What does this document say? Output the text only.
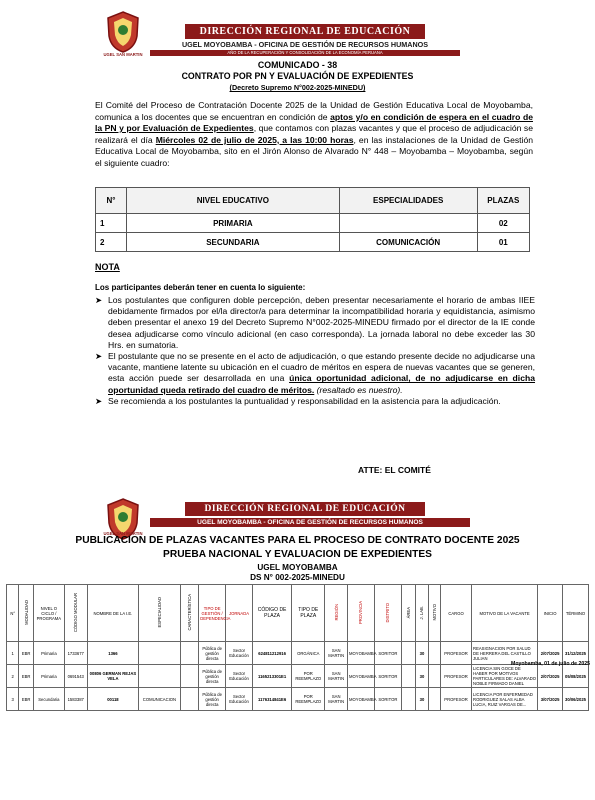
UGEL SAN MARTIN
DIRECCIÓN REGIONAL DE EDUCACIÓN
UGEL MOYOBAMBA - OFICINA DE GESTIÓN DE RECURSOS HUMANOS
AÑO DE LA RECUPERACIÓN Y CONSOLIDACIÓN DE LA ECONOMÍA PERUANA
COMUNICADO - 38
CONTRATO POR PN Y EVALUACIÓN DE EXPEDIENTES
(Decreto Supremo N°002-2025-MINEDU)
El Comité del Proceso de Contratación Docente 2025 de la Unidad de Gestión Educativa Local de Moyobamba, comunica a los docentes que se encuentran en condición de aptos y/o en condición de espera en el cuadro de la PN y por Evaluación de Expedientes, que contamos con plazas vacantes y que el proceso de adjudicación se realizará el día Miércoles 02 de julio de 2025, a las 10:00 horas, en las instalaciones de la Unidad de Gestión Educativa Local de Moyobamba, sito en el Jirón Alonso de Alvarado N° 448 – Moyobamba – Moyobamba, según el siguiente cuadro:
N°	NIVEL EDUCATIVO	ESPECIALIDADES	PLAZAS
1	PRIMARIA		02
2	SECUNDARIA	COMUNICACIÓN	01
NOTA
Los participantes deberán tener en cuenta lo siguiente:
➤ Los postulantes que configuren doble percepción, deben presentar necesariamente el horario de ambas IIEE debidamente firmados por el/la director/a para determinar la incompatibilidad horaria y equidistancia, asimismo deben presentar el anexo 19 del Decreto Supremo N°002-2025-MINEDU firmado por el director de la IE conde desea adjudicarse como vínculo adicional (en caso corresponda). La jornada laboral no debe exceder las 30 Hrs. en sumatoria.
➤ El postulante que no se presente en el acto de adjudicación, o que estando presente decide no adjudicarse una vacante, mantiene latente su ubicación en el cuadro de méritos en espera de nuevas vacantes que se generen, esta acción puede ser desarrollada en una única oportunidad adicional, de no adjudicarse en dicha oportunidad queda retirado del cuadro de méritos. (resaltado es nuestro).
➤ Se recomienda a los postulantes la puntualidad y responsabilidad en la asistencia para la adjudicación.
ATTE: EL COMITÉ
UGEL SAN MARTIN
DIRECCIÓN REGIONAL DE EDUCACIÓN
UGEL MOYOBAMBA - OFICINA DE GESTIÓN DE RECURSOS HUMANOS
PUBLICACION DE PLAZAS VACANTES PARA EL PROCESO DE CONTRATO DOCENTE 2025
PRUEBA NACIONAL Y EVALUACION DE EXPEDIENTES
UGEL MOYOBAMBA
DS N° 002-2025-MINEDU
N°	MODALIDAD	NIVEL O CICLO / PROGRAMA	CÓDIGO MODULAR	NOMBRE DE LA I.E.	ESPECIALIDAD	CARACTERÍSTICA	TIPO DE GESTIÓN / DEPENDENCIA	JORNADA	CÓDIGO DE PLAZA	TIPO DE PLAZA	REGIÓN	PROVINCIA	DISTRITO	ÁREA	J. LAB.	MOTIVO	CARGO	MOTIVO DE LA VACANTE	INICIO	TÉRMINO
1	EBR	Primaria	1733677	1366			Pública de gestión directa	Sector Educación	624811212916	ORGÁNICA	SAN MARTIN	MOYOBAMBA	SORITOR		30		PROFESOR	REASIGNACION POR SALUD DE HERRERA DEL CASTILLO JULIAN	2/07/2025	31/12/2025
2	EBR	Primaria	0691543	00806 GERMAN REJAS VELA			Pública de gestión directa	Sector Educación	1165213301E1	POR REEMPLAZO	SAN MARTIN	MOYOBAMBA	SORITOR		30		PROFESOR	LICENCIA SIN GOCE DE HABER POR MOTIVOS PARTICULARES DE: ALVARADO NOBLE FIRMADO DANIEL	2/07/2025	05/08/2025
3	EBR	Secundaria	1583387	00118	COMUNICACION		Pública de gestión directa	Sector Educación	1176314841E6	POR REEMPLAZO	SAN MARTIN	MOYOBAMBA	SORITOR		30		PROFESOR	LICENCIA POR ENFERMEDAD RODRIGUEZ SALAS ALBA LUCIA, RUIZ VARGAS DE...	3/07/2025	30/06/2025
Moyobamba, 01 de julio de 2025
